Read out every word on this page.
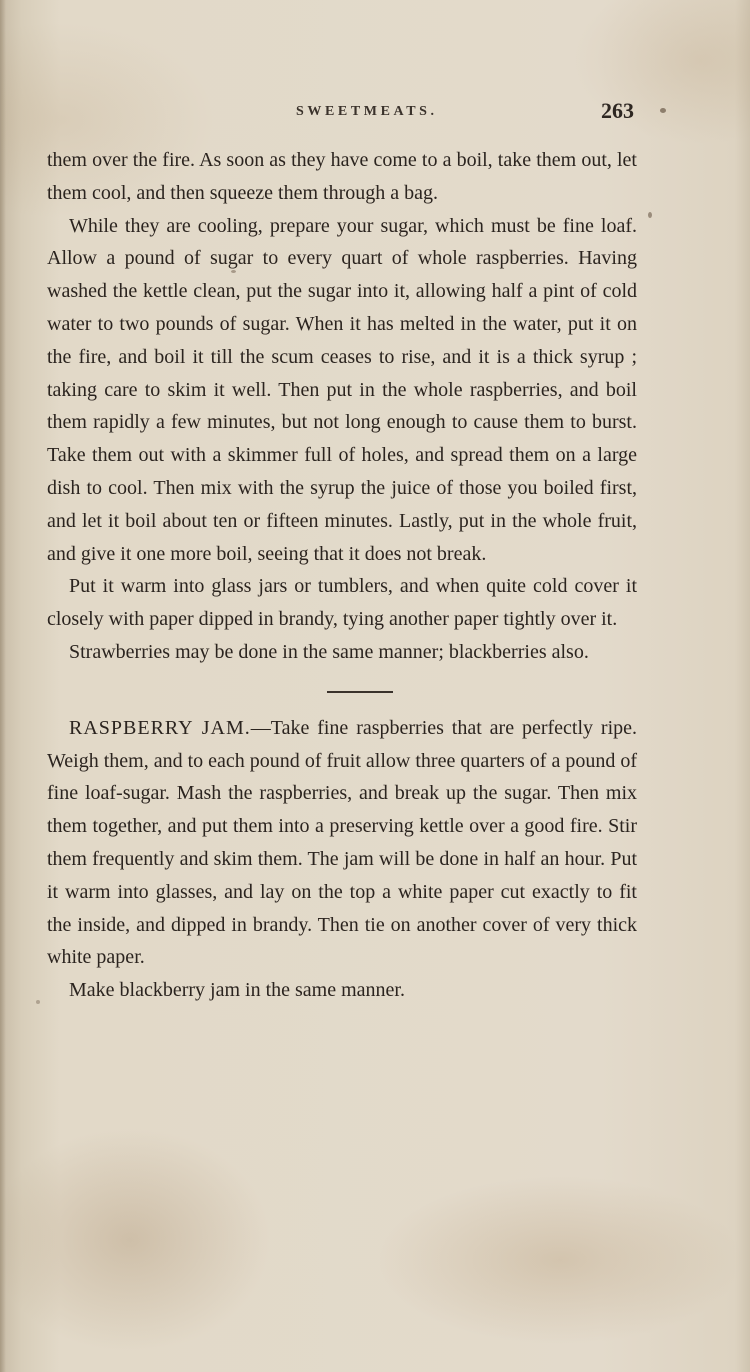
SWEETMEATS.	263

them over the fire. As soon as they have come to a boil, take them out, let them cool, and then squeeze them through a bag.

While they are cooling, prepare your sugar, which must be fine loaf. Allow a pound of sugar to every quart of whole raspberries. Having washed the kettle clean, put the sugar into it, allowing half a pint of cold water to two pounds of sugar. When it has melted in the water, put it on the fire, and boil it till the scum ceases to rise, and it is a thick syrup ; taking care to skim it well. Then put in the whole raspberries, and boil them rapidly a few minutes, but not long enough to cause them to burst. Take them out with a skimmer full of holes, and spread them on a large dish to cool. Then mix with the syrup the juice of those you boiled first, and let it boil about ten or fifteen minutes. Lastly, put in the whole fruit, and give it one more boil, seeing that it does not break.

Put it warm into glass jars or tumblers, and when quite cold cover it closely with paper dipped in brandy, tying another paper tightly over it.

Strawberries may be done in the same manner; blackberries also.

RASPBERRY JAM.—Take fine raspberries that are perfectly ripe. Weigh them, and to each pound of fruit allow three quarters of a pound of fine loaf-sugar. Mash the raspberries, and break up the sugar. Then mix them together, and put them into a preserving kettle over a good fire. Stir them frequently and skim them. The jam will be done in half an hour. Put it warm into glasses, and lay on the top a white paper cut exactly to fit the inside, and dipped in brandy. Then tie on another cover of very thick white paper.

Make blackberry jam in the same manner.
